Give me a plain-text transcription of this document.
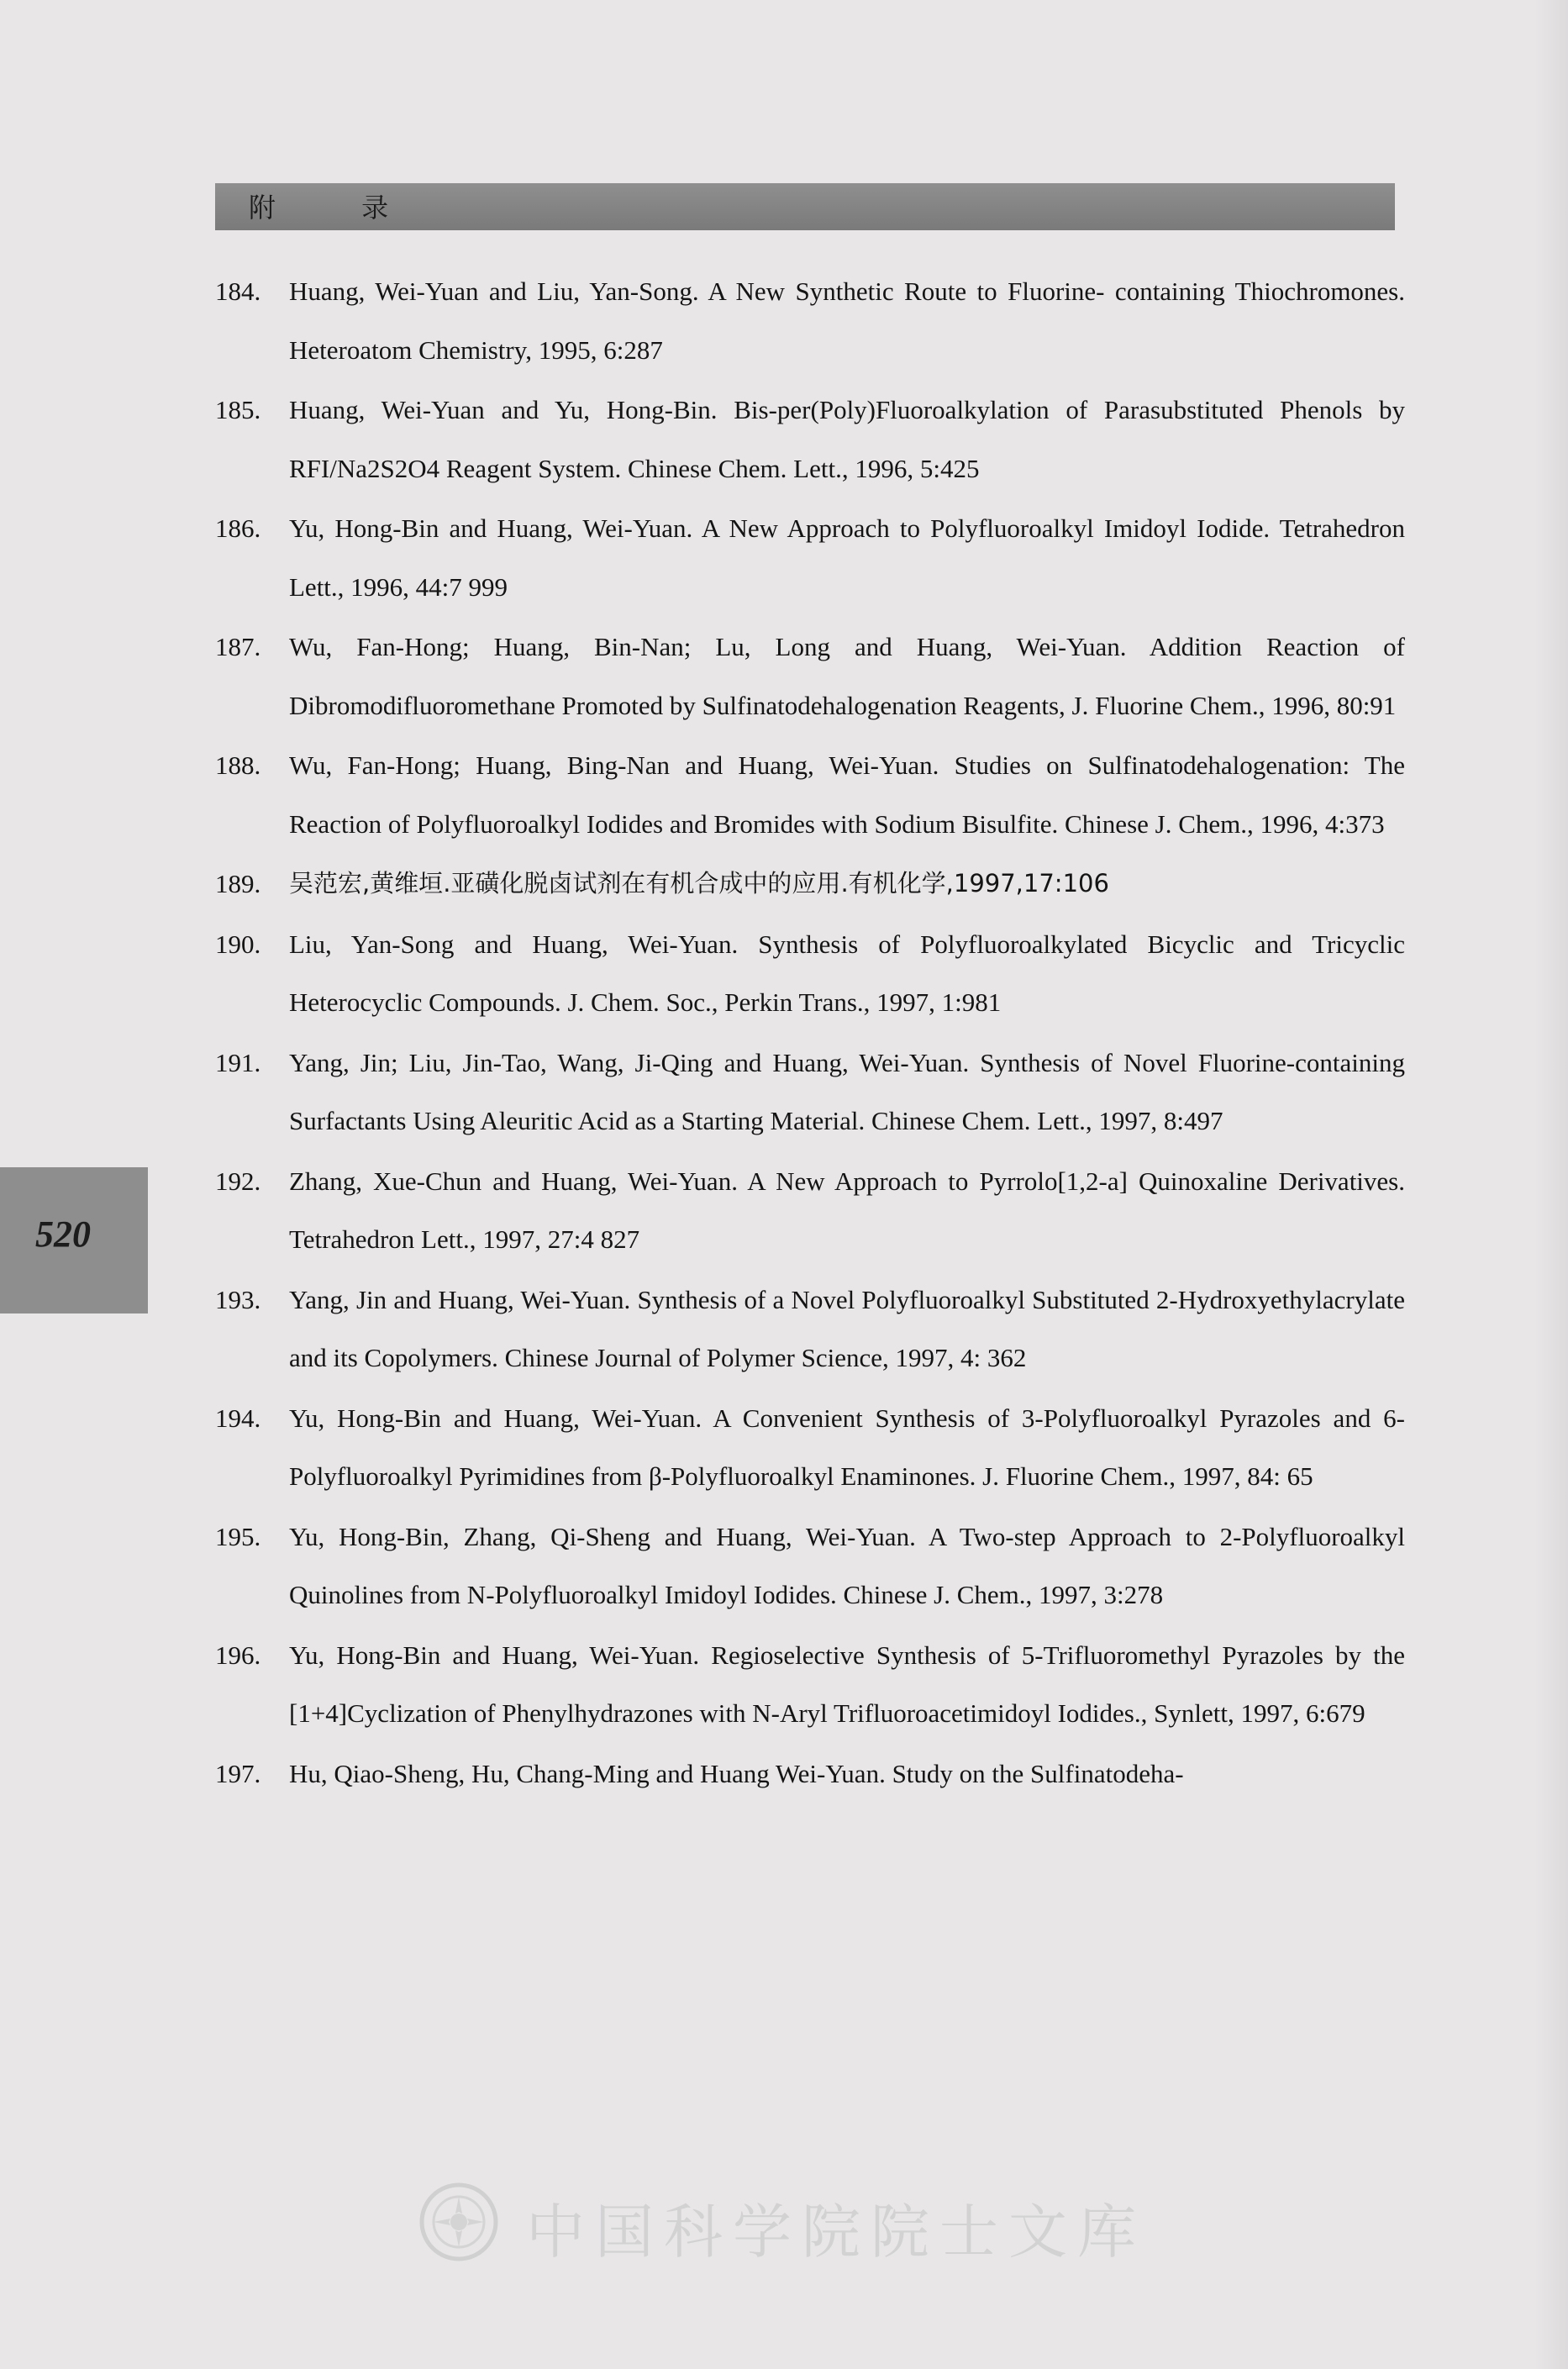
附 录
520
184. Huang, Wei-Yuan and Liu, Yan-Song. A New Synthetic Route to Fluorine- containing Thiochromones. Heteroatom Chemistry, 1995, 6:287
185. Huang, Wei-Yuan and Yu, Hong-Bin. Bis-per(Poly)Fluoroalkylation of Parasubstituted Phenols by RFI/Na2S2O4 Reagent System. Chinese Chem. Lett., 1996, 5:425
186. Yu, Hong-Bin and Huang, Wei-Yuan. A New Approach to Polyfluoroalkyl Imidoyl Iodide. Tetrahedron Lett., 1996, 44:7 999
187. Wu, Fan-Hong; Huang, Bin-Nan; Lu, Long and Huang, Wei-Yuan. Addition Reaction of Dibromodifluoromethane Promoted by Sulfinatodehalogenation Reagents, J. Fluorine Chem., 1996, 80:91
188. Wu, Fan-Hong; Huang, Bing-Nan and Huang, Wei-Yuan. Studies on Sulfinatodehalogenation: The Reaction of Polyfluoroalkyl Iodides and Bromides with Sodium Bisulfite. Chinese J. Chem., 1996, 4:373
189. 吴范宏,黄维垣.亚磺化脱卤试剂在有机合成中的应用.有机化学,1997,17:106
190. Liu, Yan-Song and Huang, Wei-Yuan. Synthesis of Polyfluoroalkylated Bicyclic and Tricyclic Heterocyclic Compounds. J. Chem. Soc., Perkin Trans., 1997, 1:981
191. Yang, Jin; Liu, Jin-Tao, Wang, Ji-Qing and Huang, Wei-Yuan. Synthesis of Novel Fluorine-containing Surfactants Using Aleuritic Acid as a Starting Material. Chinese Chem. Lett., 1997, 8:497
192. Zhang, Xue-Chun and Huang, Wei-Yuan. A New Approach to Pyrrolo[1,2-a] Quinoxaline Derivatives. Tetrahedron Lett., 1997, 27:4 827
193. Yang, Jin and Huang, Wei-Yuan. Synthesis of a Novel Polyfluoroalkyl Substituted 2-Hydroxyethylacrylate and its Copolymers. Chinese Journal of Polymer Science, 1997, 4: 362
194. Yu, Hong-Bin and Huang, Wei-Yuan. A Convenient Synthesis of 3-Polyfluoroalkyl Pyrazoles and 6-Polyfluoroalkyl Pyrimidines from β-Polyfluoroalkyl Enaminones. J. Fluorine Chem., 1997, 84: 65
195. Yu, Hong-Bin, Zhang, Qi-Sheng and Huang, Wei-Yuan. A Two-step Approach to 2-Polyfluoroalkyl Quinolines from N-Polyfluoroalkyl Imidoyl Iodides. Chinese J. Chem., 1997, 3:278
196. Yu, Hong-Bin and Huang, Wei-Yuan. Regioselective Synthesis of 5-Trifluoromethyl Pyrazoles by the [1+4]Cyclization of Phenylhydrazones with N-Aryl Trifluoroacetimidoyl Iodides., Synlett, 1997, 6:679
197. Hu, Qiao-Sheng, Hu, Chang-Ming and Huang Wei-Yuan. Study on the Sulfinatodeha-
中国科学院院士文库
